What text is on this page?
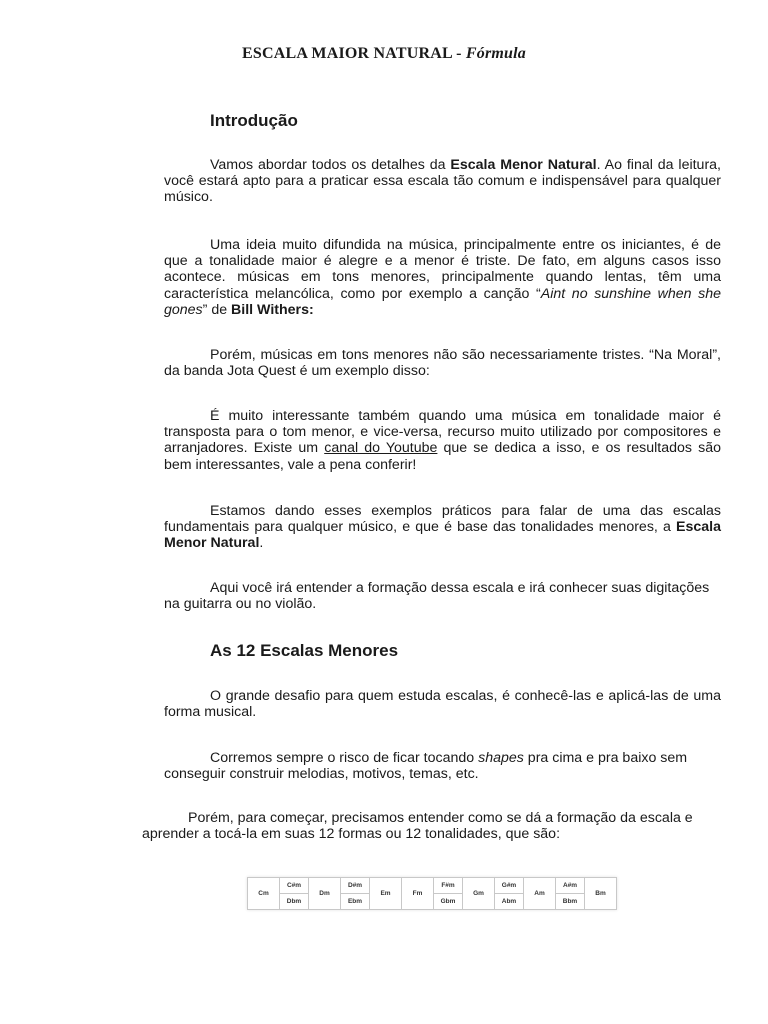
ESCALA MAIOR NATURAL - Fórmula
Introdução

Vamos abordar todos os detalhes da Escala Menor Natural. Ao final da leitura, você estará apto para a praticar essa escala tão comum e indispensável para qualquer músico.

Uma ideia muito difundida na música, principalmente entre os iniciantes, é de que a tonalidade maior é alegre e a menor é triste. De fato, em alguns casos isso acontece. músicas em tons menores, principalmente quando lentas, têm uma característica melancólica, como por exemplo a canção “Aint no sunshine when she gones” de Bill Withers:

Porém, músicas em tons menores não são necessariamente tristes. “Na Moral”, da banda Jota Quest é um exemplo disso:

É muito interessante também quando uma música em tonalidade maior é transposta para o tom menor, e vice-versa, recurso muito utilizado por compositores e arranjadores. Existe um canal do Youtube que se dedica a isso, e os resultados são bem interessantes, vale a pena conferir!

Estamos dando esses exemplos práticos para falar de uma das escalas fundamentais para qualquer músico, e que é base das tonalidades menores, a Escala Menor Natural.

Aqui você irá entender a formação dessa escala e irá conhecer suas digitações na guitarra ou no violão.

As 12 Escalas Menores

O grande desafio para quem estuda escalas, é conhecê-las e aplicá-las de uma forma musical.

Corremos sempre o risco de ficar tocando shapes pra cima e pra baixo sem conseguir construir melodias, motivos, temas, etc.

Porém, para começar, precisamos entender como se dá a formação da escala e aprender a tocá-la em suas 12 formas ou 12 tonalidades, que são:

Cm	C#m	Dm	D#m	Em	Fm	F#m	Gm	G#m	Am	A#m	Bm
	Dbm		Ebm			Gbm		Abm		Bbm	
